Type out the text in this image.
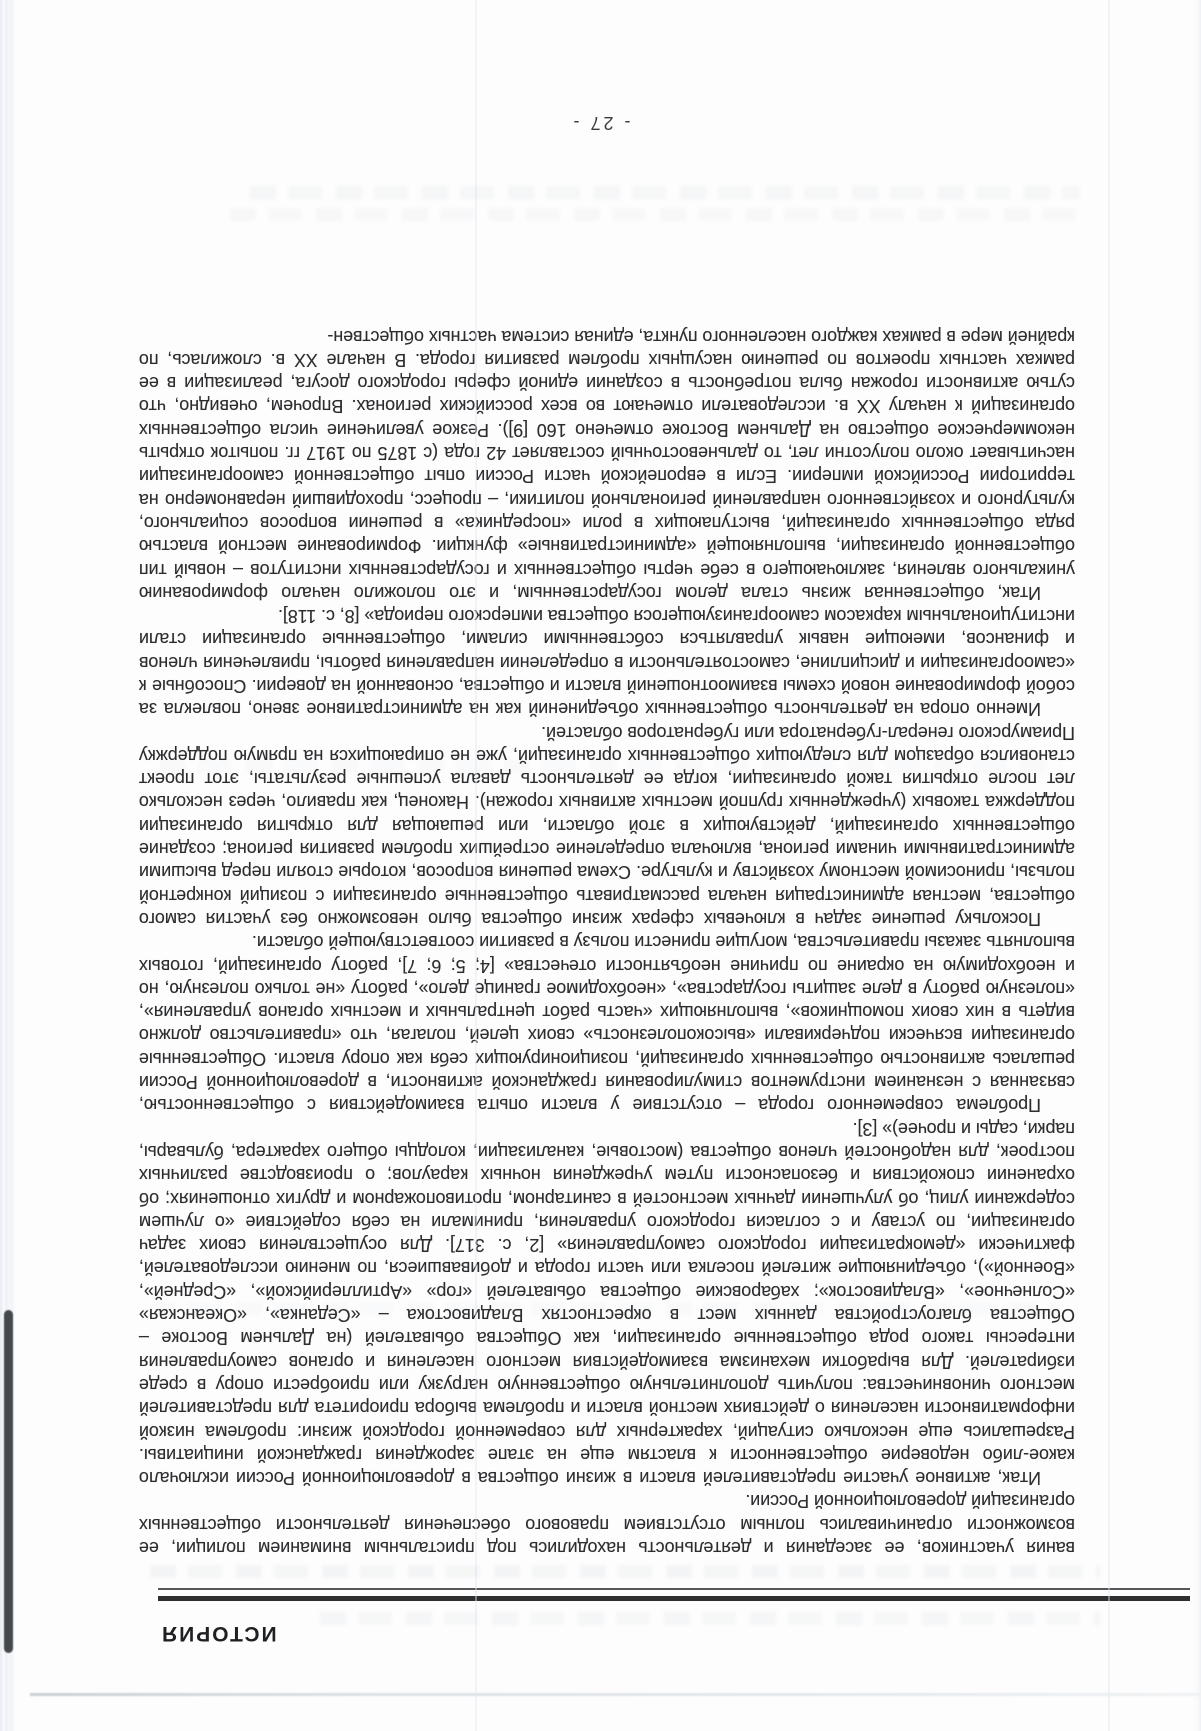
ИСТОРИЯ

вания участников, ее заседания и деятельность находились под пристальным вниманием полиции, ее возможности ограничивались полным отсутствием правового обеспечения деятельности общественных организаций дореволюционной России.

Итак, активное участие представителей власти в жизни общества в дореволюционной России исключало какое-либо недоверие общественности к властям еще на этапе зарождения гражданской инициативы. Разрешались еще несколько ситуаций, характерных для современной городской жизни: проблема низкой информативности населения о действиях местной власти и проблема выбора приоритета для представителей местного чиновничества: получить дополнительную общественную нагрузку или приобрести опору в среде избирателей. Для выработки механизма взаимодействия местного населения и органов самоуправления интересны такого рода общественные организации, как Общества обывателей (на Дальнем Востоке – Общества благоустройства данных мест в окрестностях Владивостока – «Седанка», «Океанская» «Солнечное», «Владивосток»; хабаровские общества обывателей «гор» «Артиллерийской», «Средней», «Военной»), объединяющие жителей поселка или части города и добивавшиеся, по мнению исследователей, фактически «демократизации городского самоуправления» [2, с. 317]. Для осуществления своих задач организации, по уставу и с согласия городского управления, принимали на себя содействие «о лучшем содержании улиц, об улучшении дачных местностей в санитарном, противопожарном и других отношениях; об охранении спокойствия и безопасности путем учреждения ночных караулов; о производстве различных построек, для надобностей членов общества (мостовые, канализации, колодцы общего характера, бульвары, парки, сады и прочее)» [3].

Проблема современного города – отсутствие у власти опыта взаимодействия с общественностью, связанная с незнанием инструментов стимулирования гражданской активности, в дореволюционной России решалась активностью общественных организаций, позиционирующих себя как опору власти. Общественные организации всячески подчеркивали «высокополезность» своих целей, полагая, что «правительство должно видеть в них своих помощников», выполняющих «часть работ центральных и местных органов управления», «полезную работу в деле защиты государства», «необходимое границе дело», работу «не только полезную, но и необходимую на окраине по причине необъятности отечества» [4; 5; 6; 7], работу организаций, готовых выполнять заказы правительства, могущие принести пользу в развитии соответствующей области.

Поскольку решение задач в ключевых сферах жизни общества было невозможно без участия самого общества, местная администрация начала рассматривать общественные организации с позиций конкретной пользы, приносимой местному хозяйству и культуре. Схема решения вопросов, которые стояли перед высшими административными чинами региона, включала определение острейших проблем развития региона; создание общественных организаций, действующих в этой области, или решающая для открытия организации поддержка таковых (учрежденных группой местных активных горожан). Наконец, как правило, через несколько лет после открытия такой организации, когда ее деятельность давала успешные результаты, этот проект становился образцом для следующих общественных организаций, уже не опирающихся на прямую поддержку Приамурского генерал-губернатора или губернаторов областей.

Именно опора на деятельность общественных объединений как на административное звено, повлекла за собой формирование новой схемы взаимоотношений власти и общества, основанной на доверии. Способные к «самоорганизации и дисциплине, самостоятельности в определении направления работы, привлечения членов и финансов, имеющие навык управляться собственными силами, общественные организации стали институциональным каркасом самоорганизующегося общества имперского периода» [8, с. 118].

Итак, общественная жизнь стала делом государственным, и это положило начало формированию уникального явления, заключающего в себе черты общественных и государственных институтов – новый тип общественной организации, выполняющей «административные» функции. Формирование местной властью ряда общественных организаций, выступающих в роли «посредника» в решении вопросов социального, культурного и хозяйственного направлений региональной политики, – процесс, проходивший неравномерно на территории Российской империи. Если в европейской части России опыт общественной самоорганизации насчитывает около полусотни лет, то дальневосточный составляет 42 года (с 1875 по 1917 гг. попыток открыть некоммерческое общество на Дальнем Востоке отмечено 160 [9]). Резкое увеличение числа общественных организаций к началу XX в. исследователи отмечают во всех российских регионах. Впрочем, очевидно, что сутью активности горожан была потребность в создании единой сферы городского досуга, реализации в ее рамках частных проектов по решению насущных проблем развития города. В начале XX в. сложилась, по крайней мере в рамках каждого населенного пункта, единая система частных обществен-

- 27 -
